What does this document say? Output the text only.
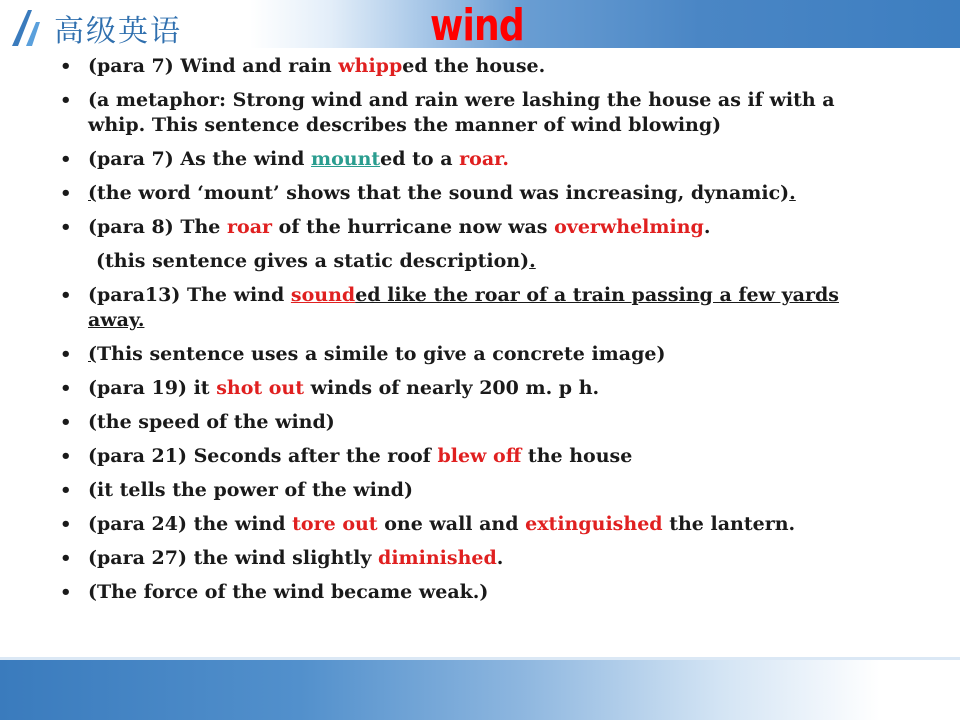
高级英语	wind
• (para 7) Wind and rain whipped the house.
• (a metaphor: Strong wind and rain were lashing the house as if with a whip. This sentence describes the manner of wind blowing)
• (para 7) As the wind mounted to a roar.
• (the word ‘mount’ shows that the sound was increasing, dynamic).
• (para 8) The roar of the hurricane now was overwhelming.
(this sentence gives a static description).
• (para13) The wind sounded like the roar of a train passing a few yards away.
• (This sentence uses a simile to give a concrete image)
• (para 19) it shot out winds of nearly 200 m. p h.
• (the speed of the wind)
• (para 21) Seconds after the roof blew off the house
• (it tells the power of the wind)
• (para 24) the wind tore out one wall and extinguished the lantern.
• (para 27) the wind slightly diminished.
• (The force of the wind became weak.)
